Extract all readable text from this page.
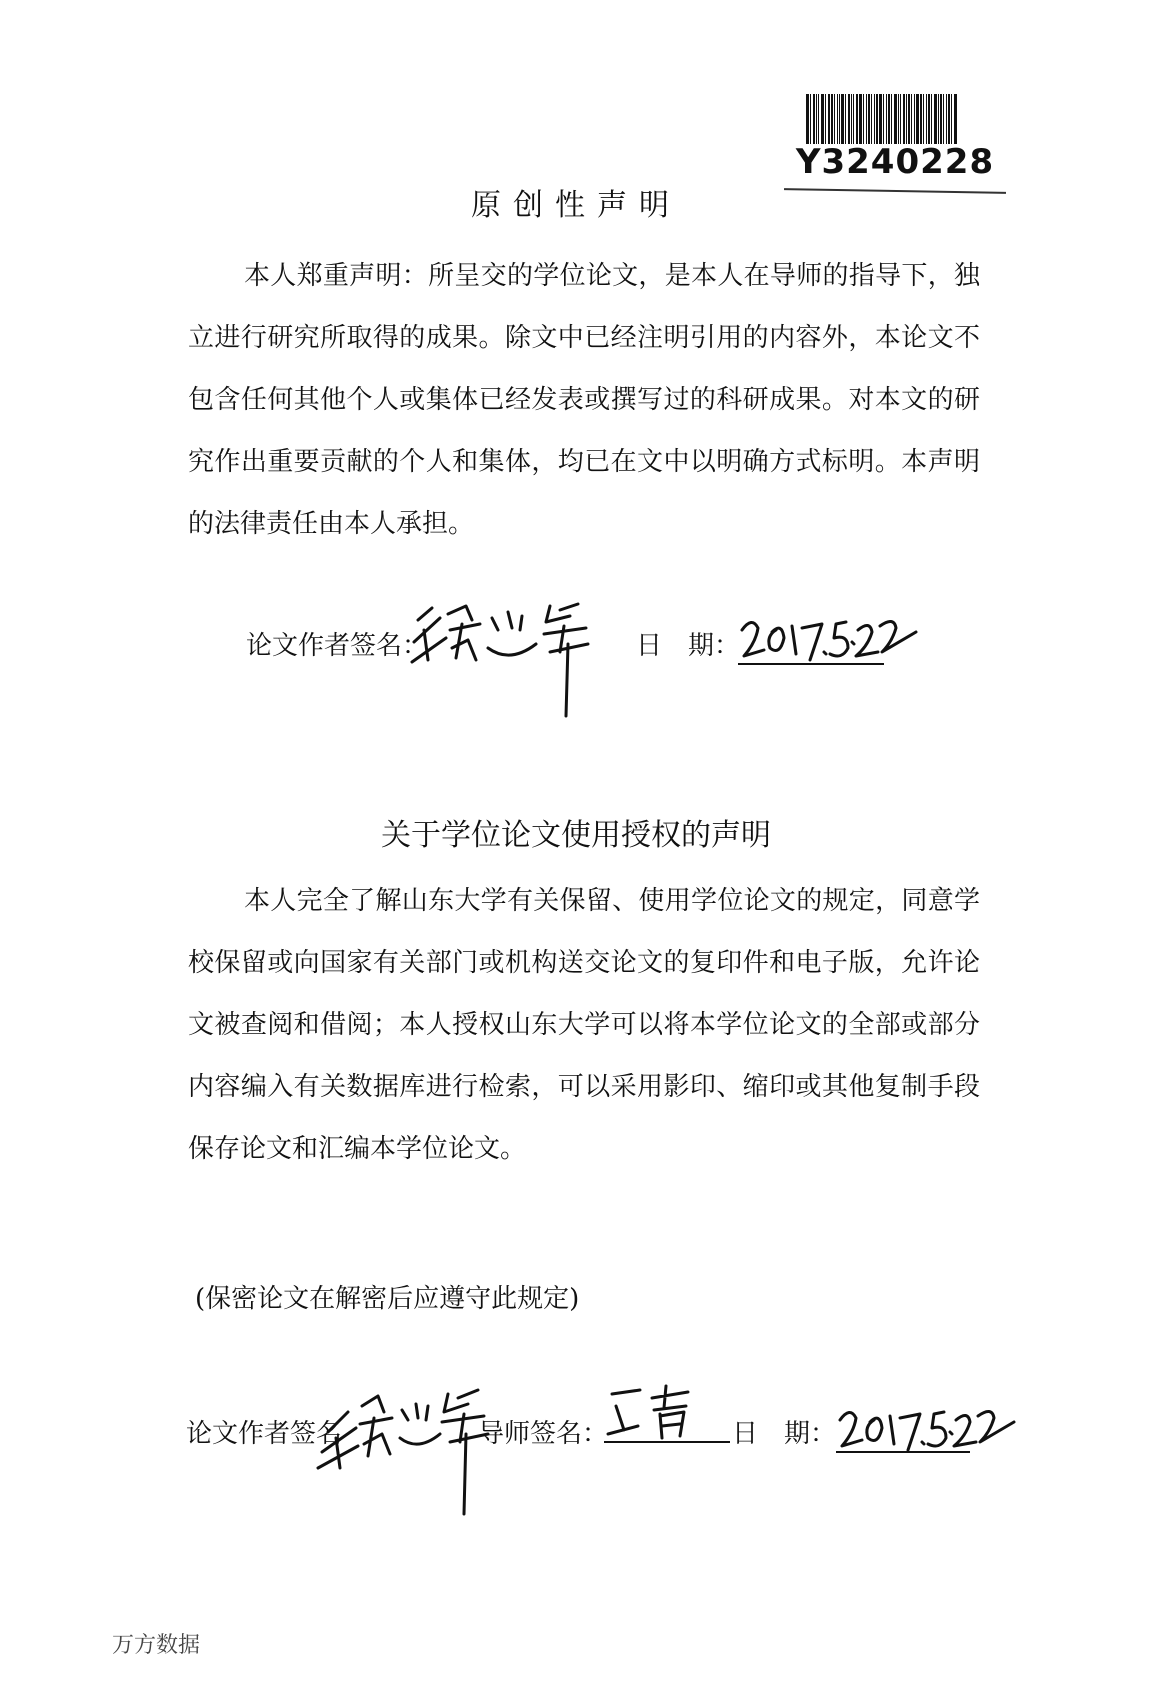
Y3240228
原创性声明

本人郑重声明：所呈交的学位论文，是本人在导师的指导下，独立进行研究所取得的成果。除文中已经注明引用的内容外，本论文不包含任何其他个人或集体已经发表或撰写过的科研成果。对本文的研究作出重要贡献的个人和集体，均已在文中以明确方式标明。本声明的法律责任由本人承担。

论文作者签名：	日　期：
关于学位论文使用授权的声明

本人完全了解山东大学有关保留、使用学位论文的规定，同意学校保留或向国家有关部门或机构送交论文的复印件和电子版，允许论文被查阅和借阅；本人授权山东大学可以将本学位论文的全部或部分内容编入有关数据库进行检索，可以采用影印、缩印或其他复制手段保存论文和汇编本学位论文。

(保密论文在解密后应遵守此规定)
论文作者签名	导师签名：	日　期：
万方数据
